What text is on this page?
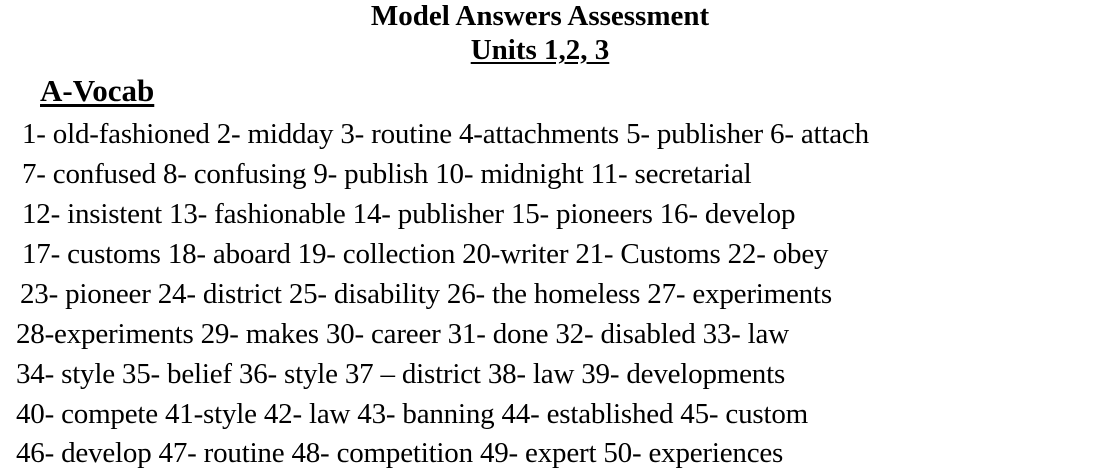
Model Answers Assessment
Units 1,2, 3
A-Vocab

1- old-fashioned 2- midday 3- routine 4-attachments 5- publisher 6- attach

7- confused 8- confusing 9- publish 10- midnight 11- secretarial

12- insistent 13- fashionable 14- publisher 15- pioneers 16- develop

17- customs 18- aboard 19- collection 20-writer 21- Customs 22- obey

23- pioneer 24- district 25- disability 26- the homeless 27- experiments

28-experiments 29- makes 30- career 31- done 32- disabled 33- law

34- style 35- belief 36- style 37 – district 38- law 39- developments

40- compete 41-style 42- law 43- banning 44- established 45- custom

46- develop 47- routine 48- competition 49- expert 50- experiences
